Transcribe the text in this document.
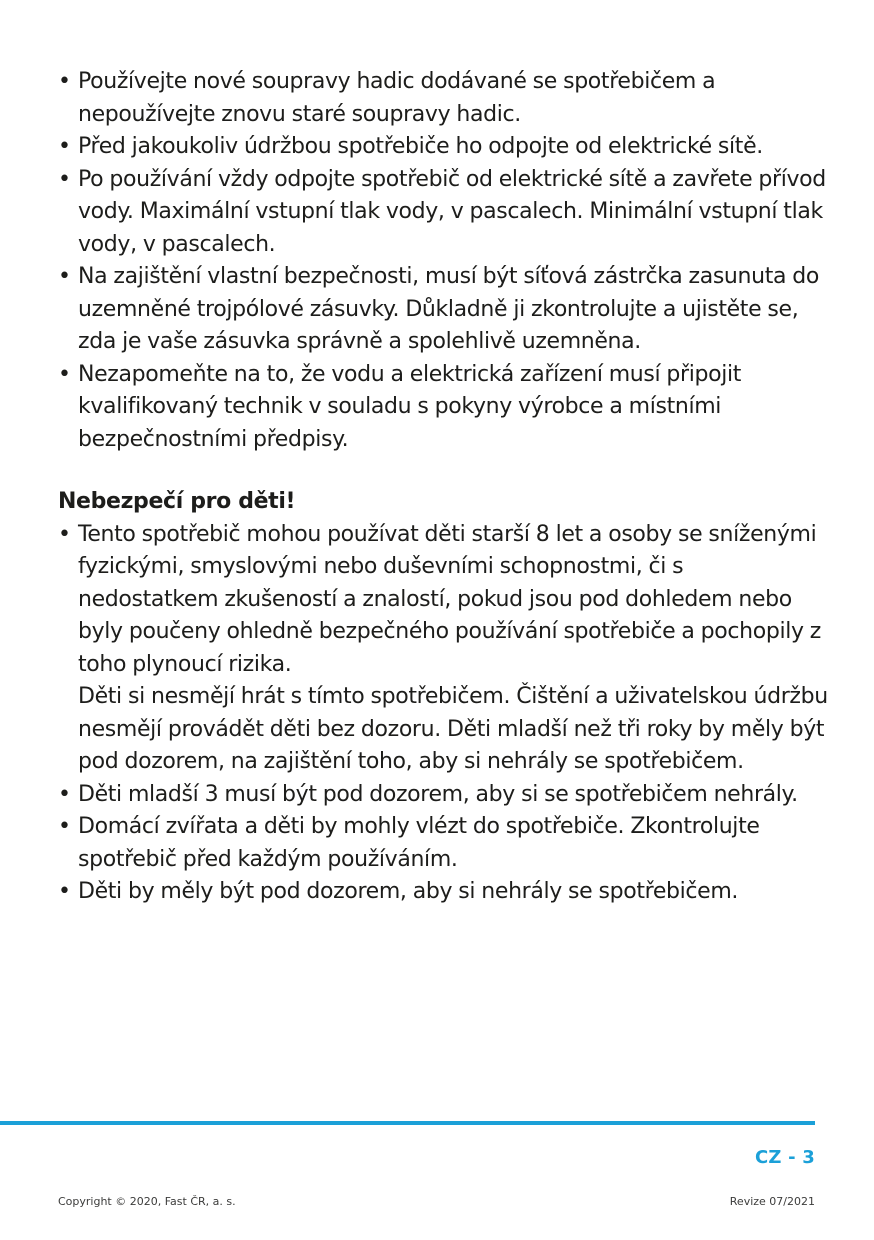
• Používejte nové soupravy hadic dodávané se spotřebičem a nepoužívejte znovu staré soupravy hadic.
• Před jakoukoliv údržbou spotřebiče ho odpojte od elektrické sítě.
• Po používání vždy odpojte spotřebič od elektrické sítě a zavřete přívod vody. Maximální vstupní tlak vody, v pascalech. Minimální vstupní tlak vody, v pascalech.
• Na zajištění vlastní bezpečnosti, musí být síťová zástrčka zasunuta do uzemněné trojpólové zásuvky. Důkladně ji zkontrolujte a ujistěte se, zda je vaše zásuvka správně a spolehlivě uzemněna.
• Nezapomeňte na to, že vodu a elektrická zařízení musí připojit kvalifikovaný technik v souladu s pokyny výrobce a místními bezpečnostními předpisy.
Nebezpečí pro děti!
• Tento spotřebič mohou používat děti starší 8 let a osoby se sníženými fyzickými, smyslovými nebo duševními schopnostmi, či s nedostatkem zkušeností a znalostí, pokud jsou pod dohledem nebo byly poučeny ohledně bezpečného používání spotřebiče a pochopily z toho plynoucí rizika.
Děti si nesmějí hrát s tímto spotřebičem. Čištění a uživatelskou údržbu nesmějí provádět děti bez dozoru. Děti mladší než tři roky by měly být pod dozorem, na zajištění toho, aby si nehrály se spotřebičem.
• Děti mladší 3 musí být pod dozorem, aby si se spotřebičem nehrály.
• Domácí zvířata a děti by mohly vlézt do spotřebiče. Zkontrolujte spotřebič před každým používáním.
• Děti by měly být pod dozorem, aby si nehrály se spotřebičem.
CZ - 3
Copyright © 2020, Fast ČR, a. s.	Revize 07/2021
